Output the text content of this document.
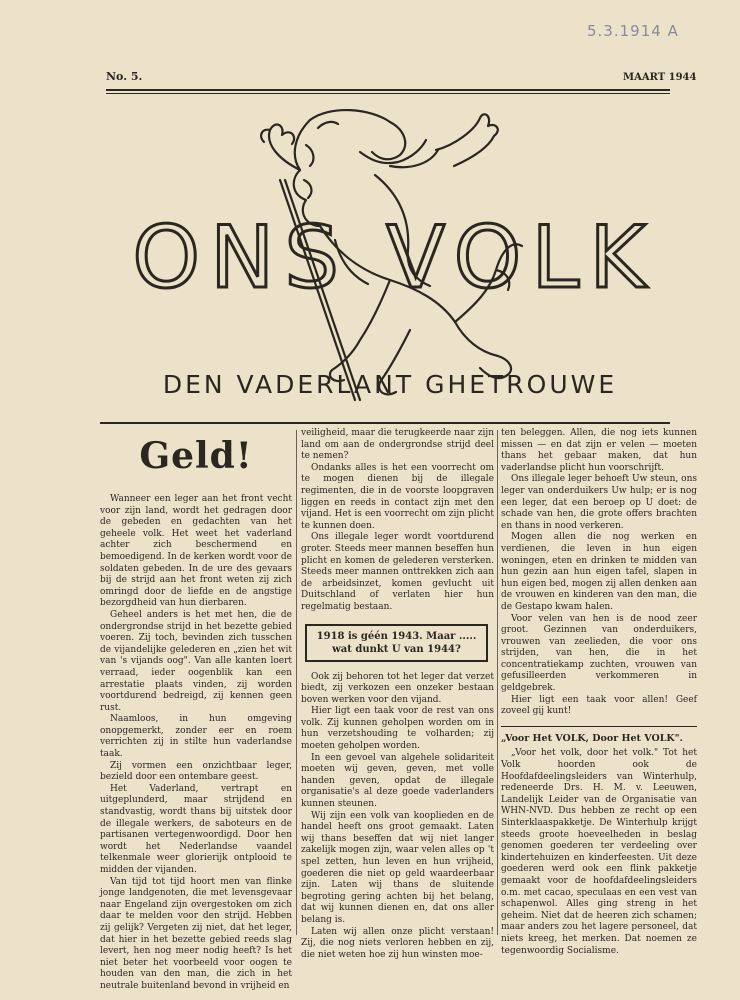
5.3.1914 A
No. 5.	MAART 1944
ONS VOLK
DEN VADERLANT GHETROUWE
Geld!

Wanneer een leger aan het front vecht voor zijn land, wordt het gedragen door de gebeden en gedachten van het geheele volk. Het weet het vaderland achter zich beschermend en bemoedigend. In de kerken wordt voor de soldaten gebeden. In de ure des gevaars bij de strijd aan het front weten zij zich omringd door de liefde en de angstige bezorgdheid van hun dierbaren.

Geheel anders is het met hen, die de ondergrondse strijd in het bezette gebied voeren. Zij toch, bevinden zich tusschen de vijandelijke gelederen en „zien het wit van 's vijands oog". Van alle kanten loert verraad, ieder oogenblik kan een arrestatie plaats vinden, zij worden voortdurend bedreigd, zij kennen geen rust.

Naamloos, in hun omgeving onopgemerkt, zonder eer en roem verrichten zij in stilte hun vaderlandse taak.

Zij vormen een onzichtbaar leger, bezield door een ontembare geest.

Het Vaderland, vertrapt en uitgeplunderd, maar strijdend en standvastig, wordt thans bij uitstek door de illegale werkers, de saboteurs en de partisanen vertegenwoordigd. Door hen wordt het Nederlandse vaandel telkenmale weer glorierijk ontplooid te midden der vijanden.

Van tijd tot tijd hoort men van flinke jonge landgenoten, die met levensgevaar naar Engeland zijn overgestoken om zich daar te melden voor den strijd. Hebben zij gelijk? Vergeten zij niet, dat het leger, dat hier in het bezette gebied reeds slag levert, hen nog meer nodig heeft? Is het niet beter het voorbeeld voor oogen te houden van den man, die zich in het neutrale buitenland bevond in vrijheid en

veiligheid, maar die terugkeerde naar zijn land om aan de ondergrondse strijd deel te nemen?

Ondanks alles is het een voorrecht om te mogen dienen bij de illegale regimenten, die in de voorste loopgraven liggen en reeds in contact zijn met den vijand. Het is een voorrecht om zijn plicht te kunnen doen.

Ons illegale leger wordt voortdurend groter. Steeds meer mannen beseffen hun plicht en komen de gelederen versterken. Steeds meer mannen onttrekken zich aan de arbeidsinzet, komen gevlucht uit Duitschland of verlaten hier hun regelmatig bestaan.

1918 is géén 1943. Maar ..... wat dunkt U van 1944?

Ook zij behoren tot het leger dat verzet biedt, zij verkozen een onzeker bestaan boven werken voor den vijand.

Hier ligt een taak voor de rest van ons volk. Zij kunnen geholpen worden om in hun verzetshouding te volharden; zij moeten geholpen worden.

In een gevoel van algehele solidariteit moeten wij geven, geven, met volle handen geven, opdat de illegale organisatie's al deze goede vaderlanders kunnen steunen.

Wij zijn een volk van kooplieden en de handel heeft ons groot gemaakt. Laten wij thans beseffen dat wij niet langer zakelijk mogen zijn, waar velen alles op 't spel zetten, hun leven en hun vrijheid, goederen die niet op geld waardeerbaar zijn. Laten wij thans de sluitende begroting gering achten bij het belang, dat wij kunnen dienen en, dat ons aller belang is.

Laten wij allen onze plicht verstaan! Zij, die nog niets verloren hebben en zij, die niet weten hoe zij hun winsten moe-

ten beleggen. Allen, die nog iets kunnen missen — en dat zijn er velen — moeten thans het gebaar maken, dat hun vaderlandse plicht hun voorschrijft.

Ons illegale leger behoeft Uw steun, ons leger van onderduikers Uw hulp; er is nog een leger, dat een beroep op U doet: de schade van hen, die grote offers brachten en thans in nood verkeren.

Mogen allen die nog werken en verdienen, die leven in hun eigen woningen, eten en drinken te midden van hun gezin aan hun eigen tafel, slapen in hun eigen bed, mogen zij allen denken aan de vrouwen en kinderen van den man, die de Gestapo kwam halen.

Voor velen van hen is de nood zeer groot. Gezinnen van onderduikers, vrouwen van zeelieden, die voor ons strijden, van hen, die in het concentratiekamp zuchten, vrouwen van gefusilleerden verkommeren in geldgebrek.

Hier ligt een taak voor allen! Geef zoveel gij kunt!

„Voor Het VOLK, Door Het VOLK".

„Voor het volk, door het volk." Tot het Volk hoorden ook de Hoofdafdeelingsleiders van Winterhulp, redeneerde Drs. H. M. v. Leeuwen, Landelijk Leider van de Organisatie van WHN-NVD. Dus hebben ze recht op een Sinterklaaspakketje. De Winterhulp krijgt steeds groote hoeveelheden in beslag genomen goederen ter verdeeling over kindertehuizen en kinderfeesten. Uit deze goederen werd ook een flink pakketje gemaakt voor de hoofdafdeelingsleiders o.m. met cacao, speculaas en een vest van schapenwol. Alles ging streng in het geheim. Niet dat de heeren zich schamen; maar anders zou het lagere personeel, dat niets kreeg, het merken. Dat noemen ze tegenwoordig Socialisme.
